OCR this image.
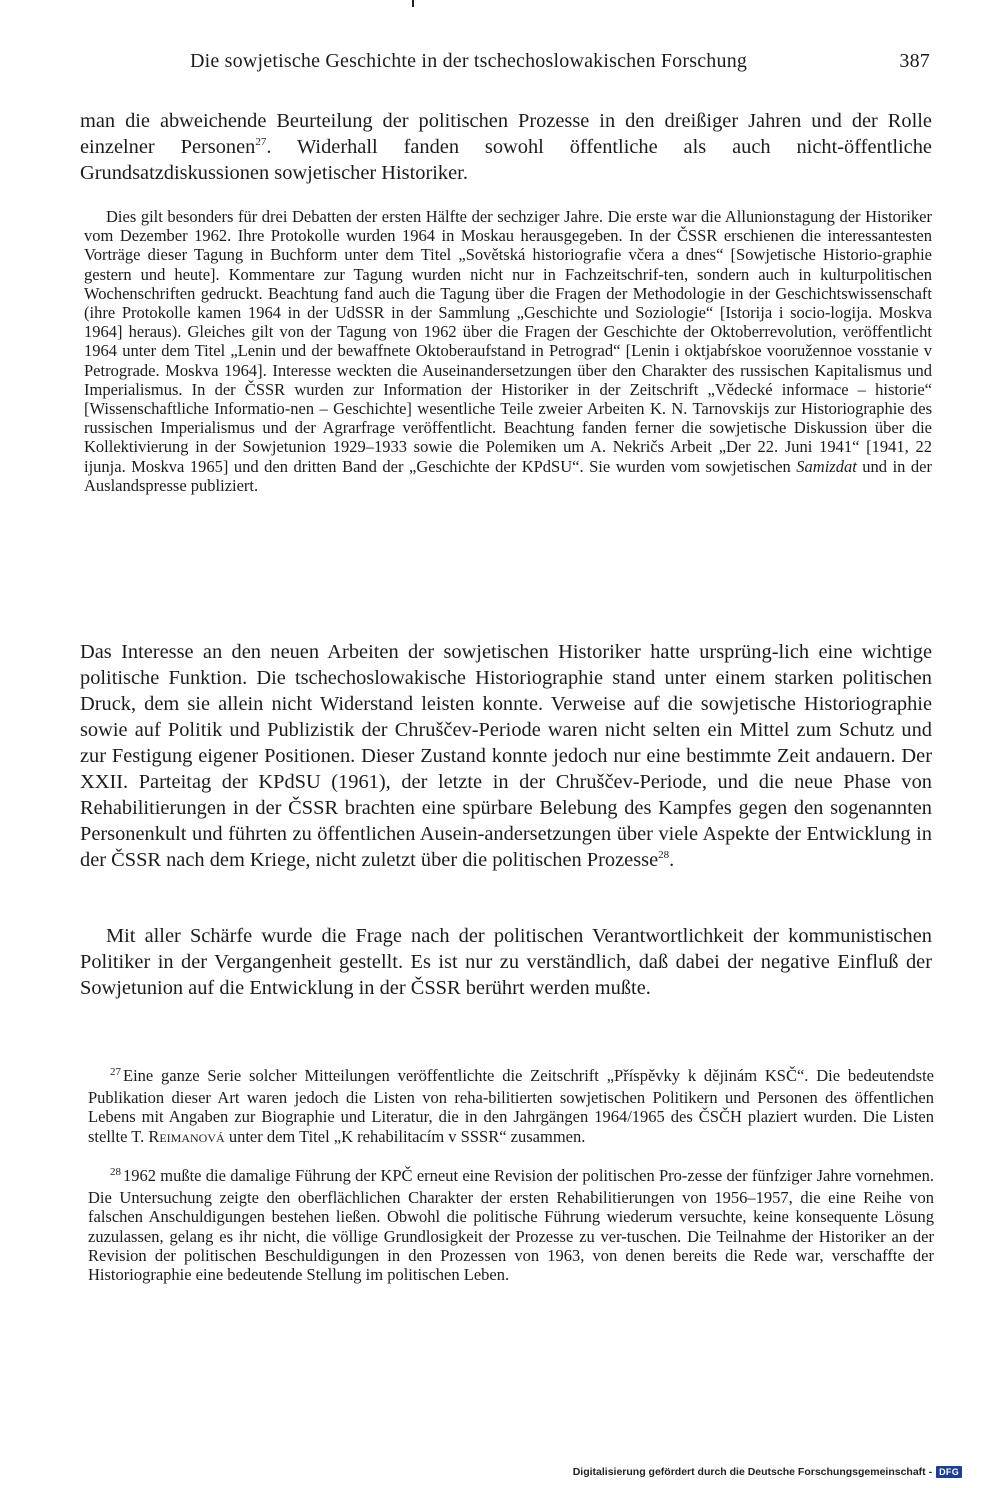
Die sowjetische Geschichte in der tschechoslowakischen Forschung	387

man die abweichende Beurteilung der politischen Prozesse in den dreißiger Jahren und der Rolle einzelner Personen$^{27}$. Widerhall fanden sowohl öffentliche als auch nicht-öffentliche Grundsatzdiskussionen sowjetischer Historiker.

Dies gilt besonders für drei Debatten der ersten Hälfte der sechziger Jahre. Die erste war die Allunionstagung der Historiker vom Dezember 1962. Ihre Protokolle wurden 1964 in Moskau herausgegeben. In der ČSSR erschienen die interessantesten Vorträge dieser Tagung in Buchform unter dem Titel „Sovětská historiografie včera a dnes“ [Sowjetische Historio-graphie gestern und heute]. Kommentare zur Tagung wurden nicht nur in Fachzeitschrif-ten, sondern auch in kulturpolitischen Wochenschriften gedruckt. Beachtung fand auch die Tagung über die Fragen der Methodologie in der Geschichtswissenschaft (ihre Protokolle kamen 1964 in der UdSSR in der Sammlung „Geschichte und Soziologie“ [Istorija i socio-logija. Moskva 1964] heraus). Gleiches gilt von der Tagung von 1962 über die Fragen der Geschichte der Oktoberrevolution, veröffentlicht 1964 unter dem Titel „Lenin und der bewaffnete Oktoberaufstand in Petrograd“ [Lenin i oktjabŕskoe vooružennoe vosstanie v Petrograde. Moskva 1964]. Interesse weckten die Auseinandersetzungen über den Charakter des russischen Kapitalismus und Imperialismus. In der ČSSR wurden zur Information der Historiker in der Zeitschrift „Vědecké informace – historie“ [Wissenschaftliche Informatio-nen – Geschichte] wesentliche Teile zweier Arbeiten K. N. Tarnovskijs zur Historiographie des russischen Imperialismus und der Agrarfrage veröffentlicht. Beachtung fanden ferner die sowjetische Diskussion über die Kollektivierung in der Sowjetunion 1929–1933 sowie die Polemiken um A. Nekričs Arbeit „Der 22. Juni 1941“ [1941, 22 ijunja. Moskva 1965] und den dritten Band der „Geschichte der KPdSU“. Sie wurden vom sowjetischen Samizdat und in der Auslandspresse publiziert.

Das Interesse an den neuen Arbeiten der sowjetischen Historiker hatte ursprüng-lich eine wichtige politische Funktion. Die tschechoslowakische Historiographie stand unter einem starken politischen Druck, dem sie allein nicht Widerstand leisten konnte. Verweise auf die sowjetische Historiographie sowie auf Politik und Publizistik der Chruščev-Periode waren nicht selten ein Mittel zum Schutz und zur Festigung eigener Positionen. Dieser Zustand konnte jedoch nur eine bestimmte Zeit andauern. Der XXII. Parteitag der KPdSU (1961), der letzte in der Chruščev-Periode, und die neue Phase von Rehabilitierungen in der ČSSR brachten eine spürbare Belebung des Kampfes gegen den sogenannten Personenkult und führten zu öffentlichen Ausein-andersetzungen über viele Aspekte der Entwicklung in der ČSSR nach dem Kriege, nicht zuletzt über die politischen Prozesse$^{28}$.

Mit aller Schärfe wurde die Frage nach der politischen Verantwortlichkeit der kommunistischen Politiker in der Vergangenheit gestellt. Es ist nur zu verständlich, daß dabei der negative Einfluß der Sowjetunion auf die Entwicklung in der ČSSR berührt werden mußte.

$^{27}$ Eine ganze Serie solcher Mitteilungen veröffentlichte die Zeitschrift „Příspěvky k dějinám KSČ“. Die bedeutendste Publikation dieser Art waren jedoch die Listen von reha-bilitierten sowjetischen Politikern und Personen des öffentlichen Lebens mit Angaben zur Biographie und Literatur, die in den Jahrgängen 1964/1965 des ČSČH plaziert wurden. Die Listen stellte T. Reimanová unter dem Titel „K rehabilitacím v SSSR“ zusammen.

$^{28}$ 1962 mußte die damalige Führung der KPČ erneut eine Revision der politischen Pro-zesse der fünfziger Jahre vornehmen. Die Untersuchung zeigte den oberflächlichen Charakter der ersten Rehabilitierungen von 1956–1957, die eine Reihe von falschen Anschuldigungen bestehen ließen. Obwohl die politische Führung wiederum versuchte, keine konsequente Lösung zuzulassen, gelang es ihr nicht, die völlige Grundlosigkeit der Prozesse zu ver-tuschen. Die Teilnahme der Historiker an der Revision der politischen Beschuldigungen in den Prozessen von 1963, von denen bereits die Rede war, verschaffte der Historiographie eine bedeutende Stellung im politischen Leben.

Digitalisierung gefördert durch die Deutsche Forschungsgemeinschaft - DFG
